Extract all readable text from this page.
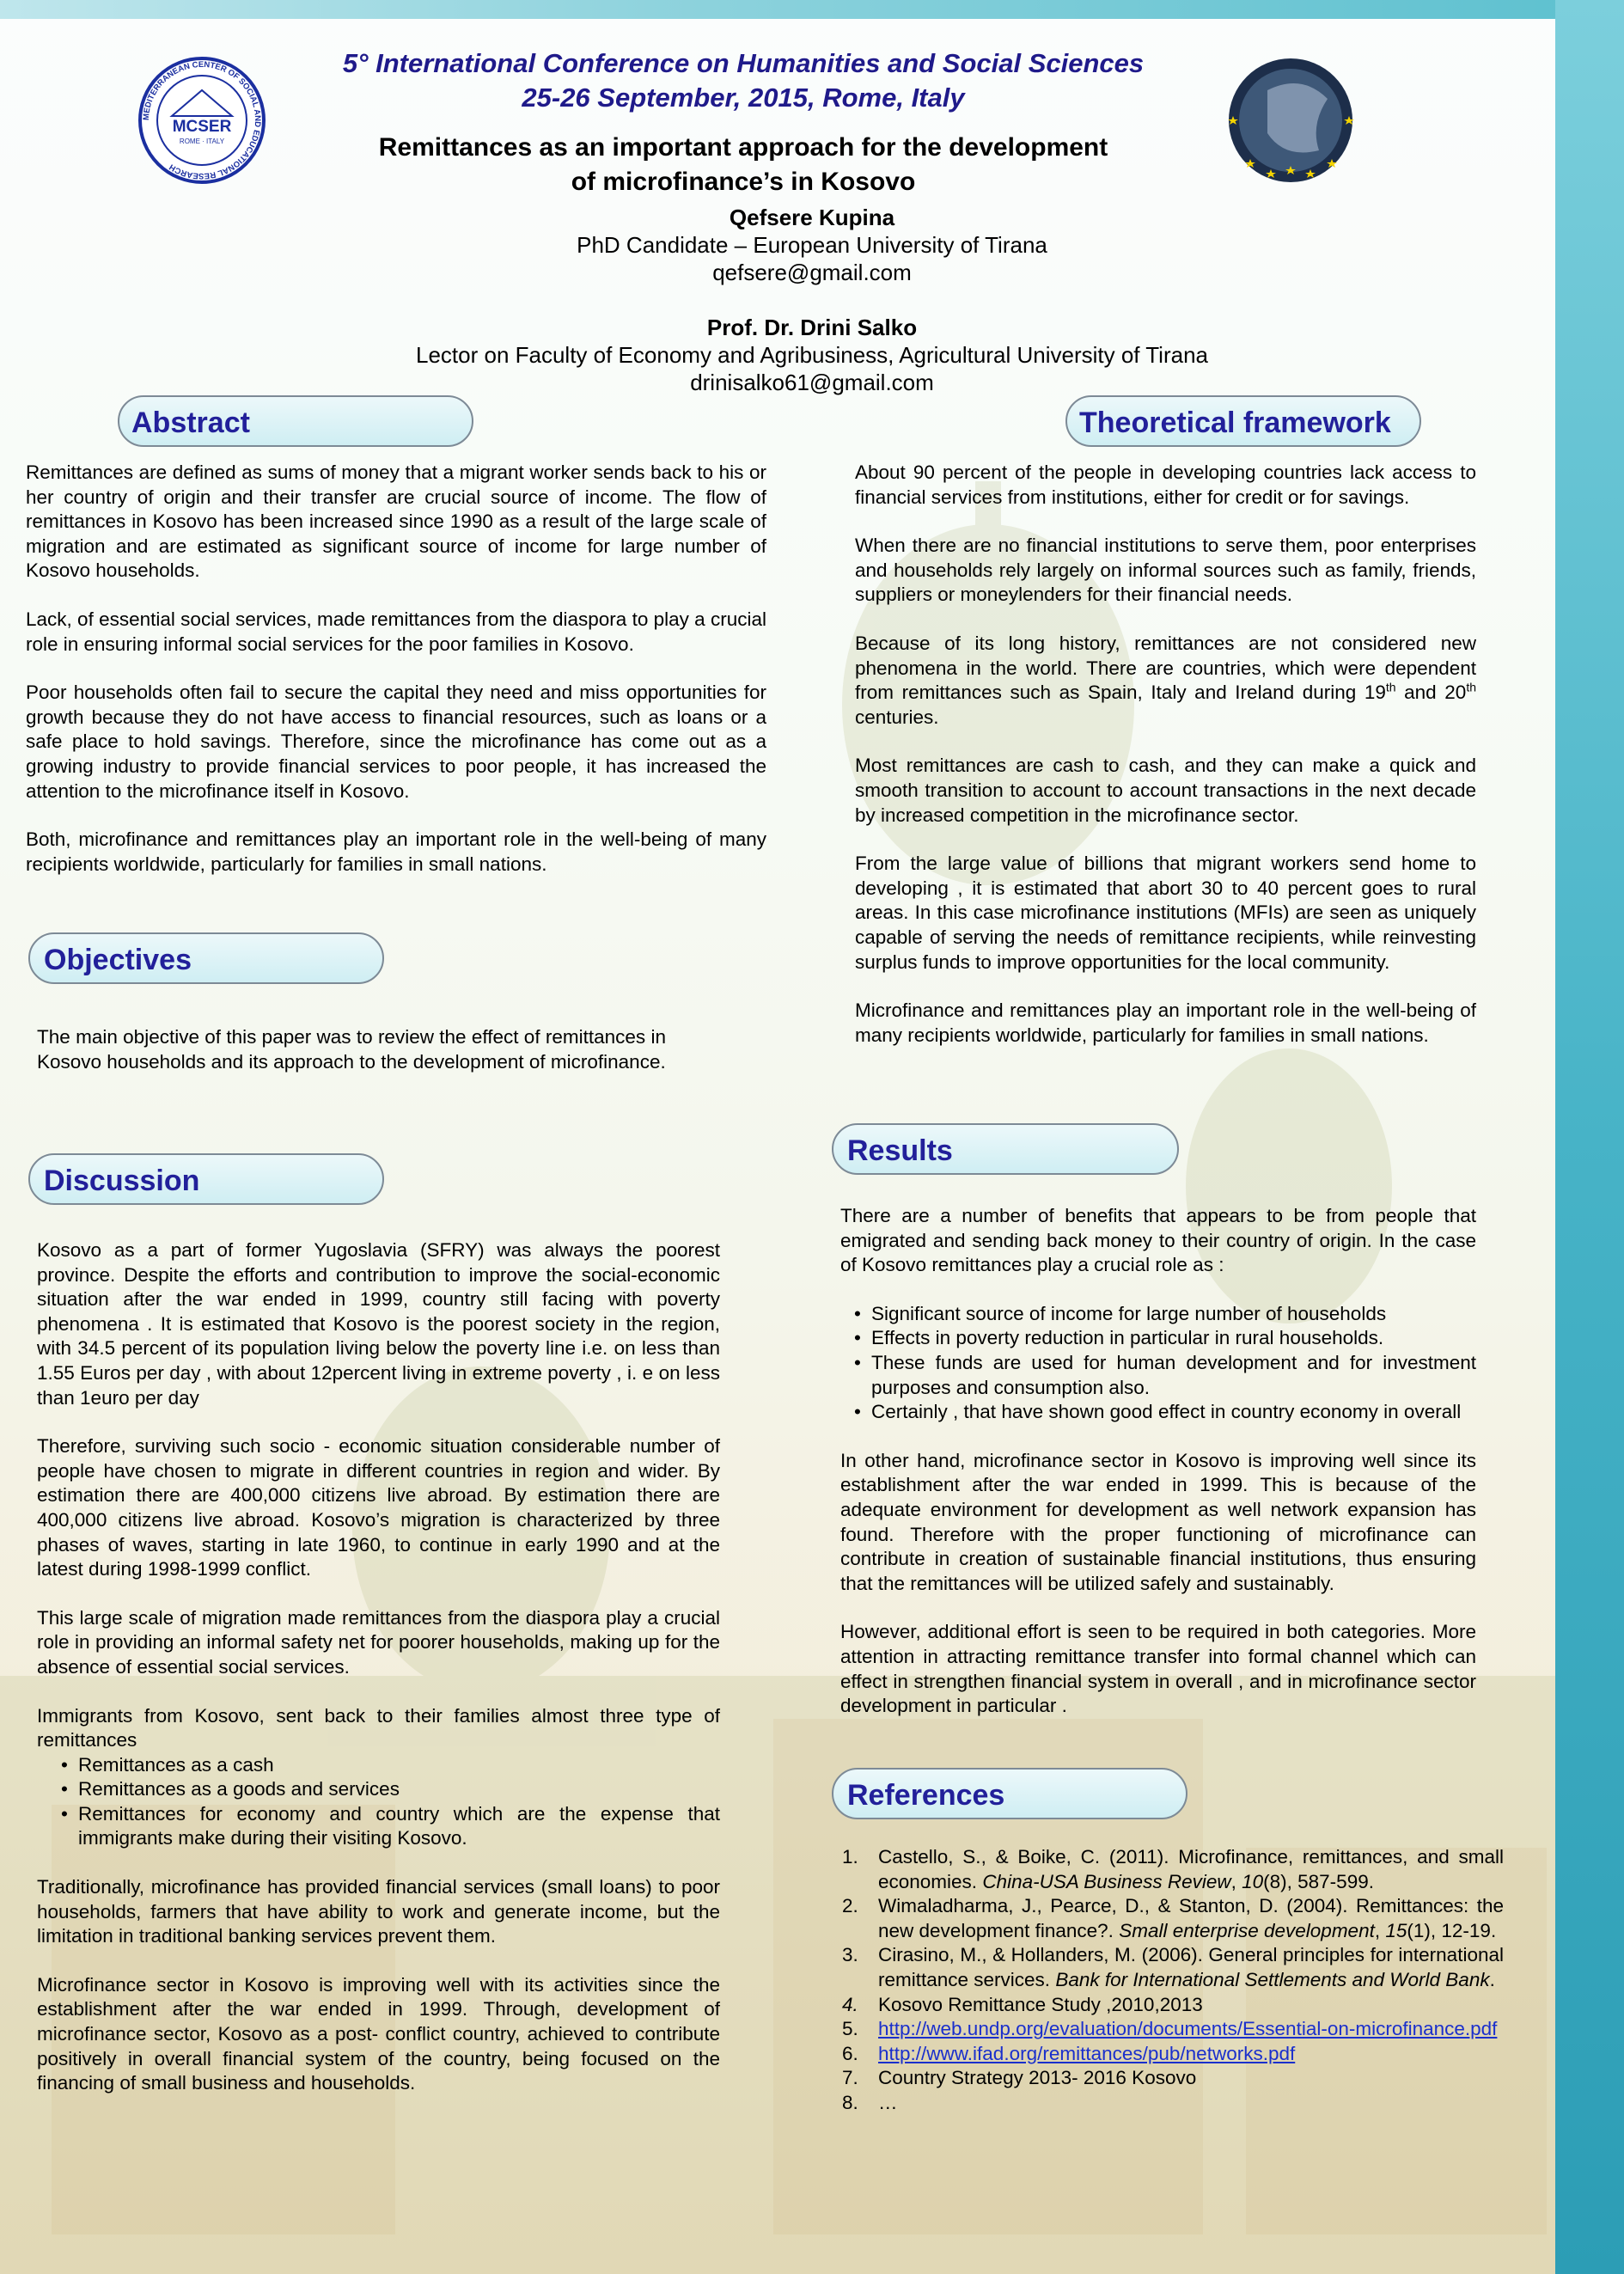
MEDITERRANEAN CENTER OF SOCIAL AND EDUCATIONAL RESEARCH
MCSER
ROME · ITALY
5° International Conference on Humanities and Social Sciences
25-26 September, 2015, Rome, Italy
Remittances as an important approach for the development
of microfinance’s in Kosovo
Qefsere Kupina
PhD Candidate – European University of Tirana
qefsere@gmail.com
Prof. Dr. Drini Salko
Lector on Faculty of Economy and Agribusiness, Agricultural University of Tirana
drinisalko61@gmail.com
Abstract	Theoretical framework
Objectives
Discussion
Results
References

Remittances are defined as sums of money that a migrant worker sends back to his or her country of origin and their transfer are crucial source of income. The flow of remittances in Kosovo has been increased since 1990 as a result of the large scale of migration and are estimated as significant source of income for large number of Kosovo households.

Lack, of essential social services, made remittances from the diaspora to play a crucial role in ensuring informal social services for the poor families in Kosovo.

Poor households often fail to secure the capital they need and miss opportunities for growth because they do not have access to financial resources, such as loans or a safe place to hold savings. Therefore, since the microfinance has come out as a growing industry to provide financial services to poor people, it has increased the attention to the microfinance itself in Kosovo.

Both, microfinance and remittances play an important role in the well-being of many recipients worldwide, particularly for families in small nations.

The main objective of this paper was to review the effect of remittances in Kosovo households and its approach to the development of microfinance.

Kosovo as a part of former Yugoslavia (SFRY) was always the poorest province. Despite the efforts and contribution to improve the social-economic situation after the war ended in 1999, country still facing with poverty phenomena . It is estimated that Kosovo is the poorest society in the region, with 34.5 percent of its population living below the poverty line i.e. on less than 1.55 Euros per day , with about 12percent living in extreme poverty , i. e on less than 1euro per day

Therefore, surviving such socio - economic situation considerable number of people have chosen to migrate in different countries in region and wider. By estimation there are 400,000 citizens live abroad. By estimation there are 400,000 citizens live abroad. Kosovo’s migration is characterized by three phases of waves, starting in late 1960, to continue in early 1990 and at the latest during 1998-1999 conflict.

This large scale of migration made remittances from the diaspora play a crucial role in providing an informal safety net for poorer households, making up for the absence of essential social services.

Immigrants from Kosovo, sent back to their families almost three type of remittances

• Remittances as a cash
• Remittances as a goods and services
• Remittances for economy and country which are the expense that immigrants make during their visiting Kosovo.

Traditionally, microfinance has provided financial services (small loans) to poor households, farmers that have ability to work and generate income, but the limitation in traditional banking services prevent them.

Microfinance sector in Kosovo is improving well with its activities since the establishment after the war ended in 1999. Through, development of microfinance sector, Kosovo as a post- conflict country, achieved to contribute positively in overall financial system of the country, being focused on the financing of small business and households.

About 90 percent of the people in developing countries lack access to financial services from institutions, either for credit or for savings.

When there are no financial institutions to serve them, poor enterprises and households rely largely on informal sources such as family, friends, suppliers or moneylenders for their financial needs.

Because of its long history, remittances are not considered new phenomena in the world. There are countries, which were dependent from remittances such as Spain, Italy and Ireland during 19th and 20th centuries.

Most remittances are cash to cash, and they can make a quick and smooth transition to account to account transactions in the next decade by increased competition in the microfinance sector.

From the large value of billions that migrant workers send home to developing , it is estimated that abort 30 to 40 percent goes to rural areas. In this case microfinance institutions (MFIs) are seen as uniquely capable of serving the needs of remittance recipients, while reinvesting surplus funds to improve opportunities for the local community.

Microfinance and remittances play an important role in the well-being of many recipients worldwide, particularly for families in small nations.

There are a number of benefits that appears to be from people that emigrated and sending back money to their country of origin. In the case of Kosovo remittances play a crucial role as :

• Significant source of income for large number of households
• Effects in poverty reduction in particular in rural households.
• These funds are used for human development and for investment purposes and consumption also.
• Certainly , that have shown good effect in country economy in overall

In other hand, microfinance sector in Kosovo is improving well since its establishment after the war ended in 1999. This is because of the adequate environment for development as well network expansion has found. Therefore with the proper functioning of microfinance can contribute in creation of sustainable financial institutions, thus ensuring that the remittances will be utilized safely and sustainably.

However, additional effort is seen to be required in both categories. More attention in attracting remittance transfer into formal channel which can effect in strengthen financial system in overall , and in microfinance sector development in particular .

1. Castello, S., & Boike, C. (2011). Microfinance, remittances, and small economies. China-USA Business Review, 10(8), 587-599.
2. Wimaladharma, J., Pearce, D., & Stanton, D. (2004). Remittances: the new development finance?. Small enterprise development, 15(1), 12-19.
3. Cirasino, M., & Hollanders, M. (2006). General principles for international remittance services. Bank for International Settlements and World Bank.
4. Kosovo Remittance Study ,2010,2013
5. http://web.undp.org/evaluation/documents/Essential-on-microfinance.pdf
6. http://www.ifad.org/remittances/pub/networks.pdf
7. Country Strategy 2013- 2016 Kosovo
8. …
